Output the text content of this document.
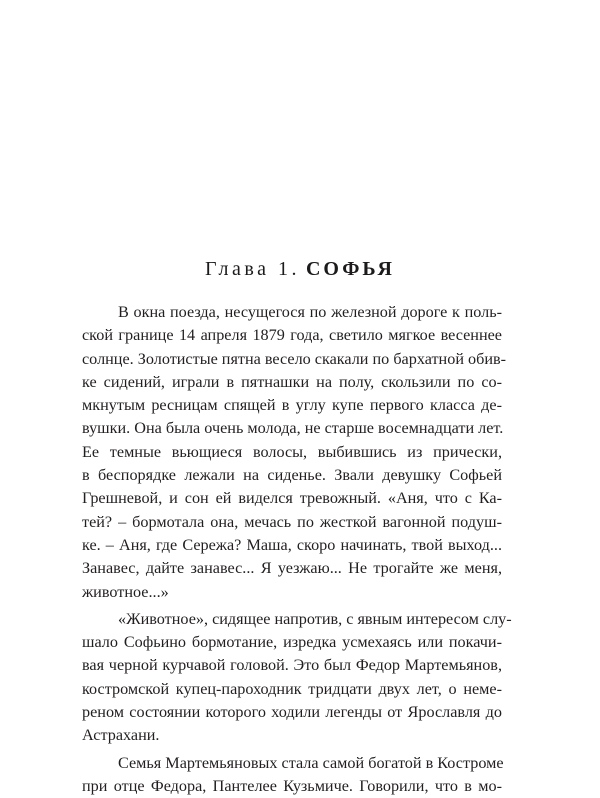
Глава 1. СОФЬЯ
В окна поезда, несущегося по железной дороге к поль-
ской границе 14 апреля 1879 года, светило мягкое весеннее
солнце. Золотистые пятна весело скакали по бархатной обив-
ке сидений, играли в пятнашки на полу, скользили по со-
мкнутым ресницам спящей в углу купе первого класса де-
вушки. Она была очень молода, не старше восемнадцати лет.
Ее темные вьющиеся волосы, выбившись из прически,
в беспорядке лежали на сиденье. Звали девушку Софьей
Грешневой, и сон ей виделся тревожный. «Аня, что с Ка-
тей? – бормотала она, мечась по жесткой вагонной подуш-
ке. – Аня, где Сережа? Маша, скоро начинать, твой выход...
Занавес, дайте занавес... Я уезжаю... Не трогайте же меня,
животное...»
«Животное», сидящее напротив, с явным интересом слу-
шало Софьино бормотание, изредка усмехаясь или покачи-
вая черной курчавой головой. Это был Федор Мартемьянов,
костромской купец-пароходник тридцати двух лет, о неме-
реном состоянии которого ходили легенды от Ярославля до
Астрахани.
Семья Мартемьяновых стала самой богатой в Костроме
при отце Федора, Пантелее Кузьмиче. Говорили, что в мо-
